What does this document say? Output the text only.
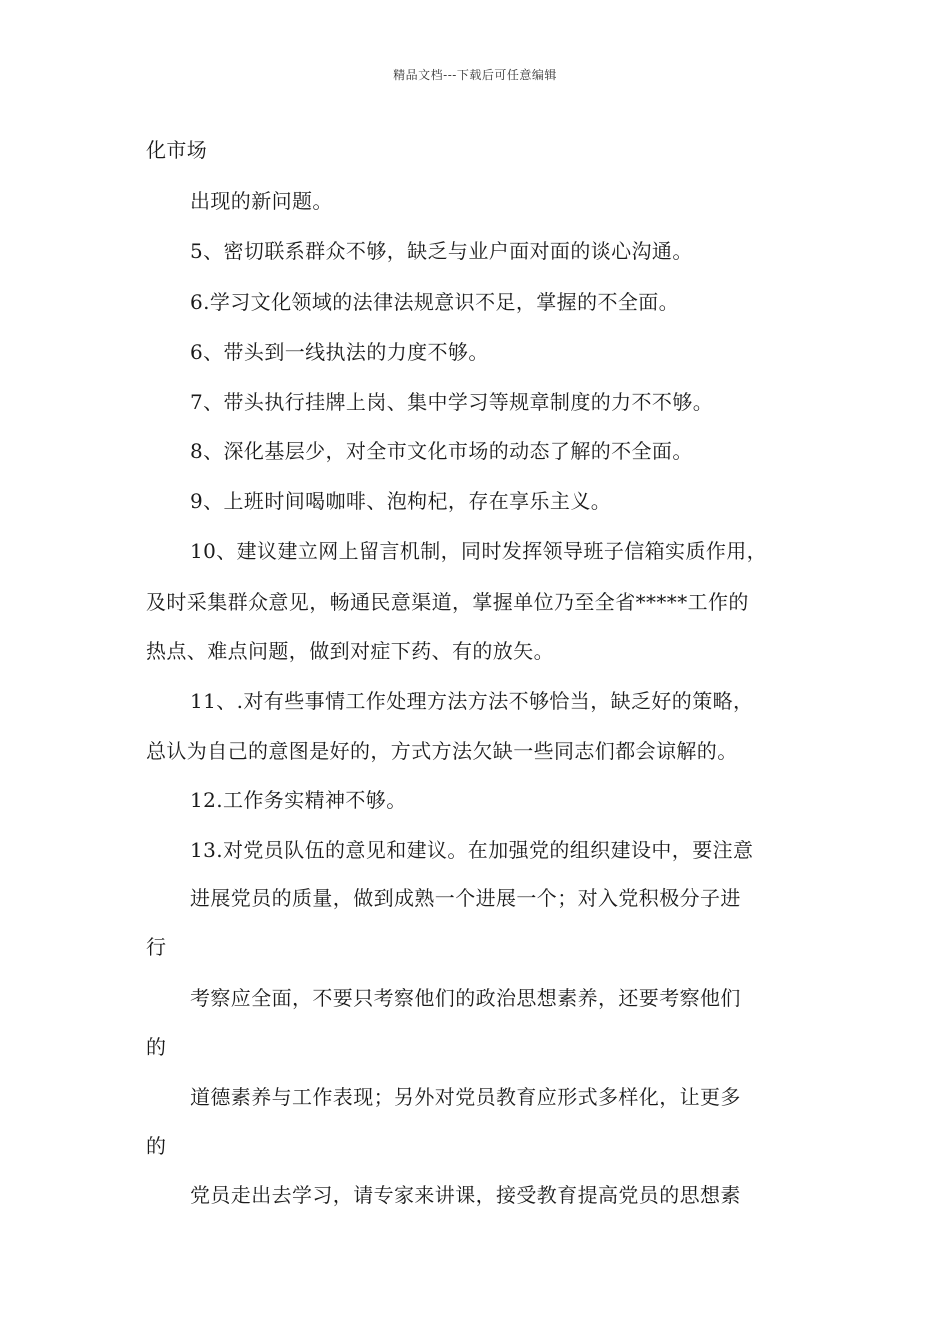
精品文档---下载后可任意编辑
化市场
出现的新问题。
5、密切联系群众不够，缺乏与业户面对面的谈心沟通。
6.学习文化领域的法律法规意识不足，掌握的不全面。
6、带头到一线执法的力度不够。
7、带头执行挂牌上岗、集中学习等规章制度的力不不够。
8、深化基层少，对全市文化市场的动态了解的不全面。
9、上班时间喝咖啡、泡枸杞，存在享乐主义。
10、建议建立网上留言机制，同时发挥领导班子信箱实质作用，
及时采集群众意见，畅通民意渠道，掌握单位乃至全省*****工作的
热点、难点问题，做到对症下药、有的放矢。
11、.对有些事情工作处理方法方法不够恰当，缺乏好的策略，
总认为自己的意图是好的，方式方法欠缺一些同志们都会谅解的。
12.工作务实精神不够。
13.对党员队伍的意见和建议。在加强党的组织建设中，要注意
进展党员的质量，做到成熟一个进展一个；对入党积极分子进
行
考察应全面，不要只考察他们的政治思想素养，还要考察他们
的
道德素养与工作表现；另外对党员教育应形式多样化，让更多
的
党员走出去学习，请专家来讲课，接受教育提高党员的思想素
